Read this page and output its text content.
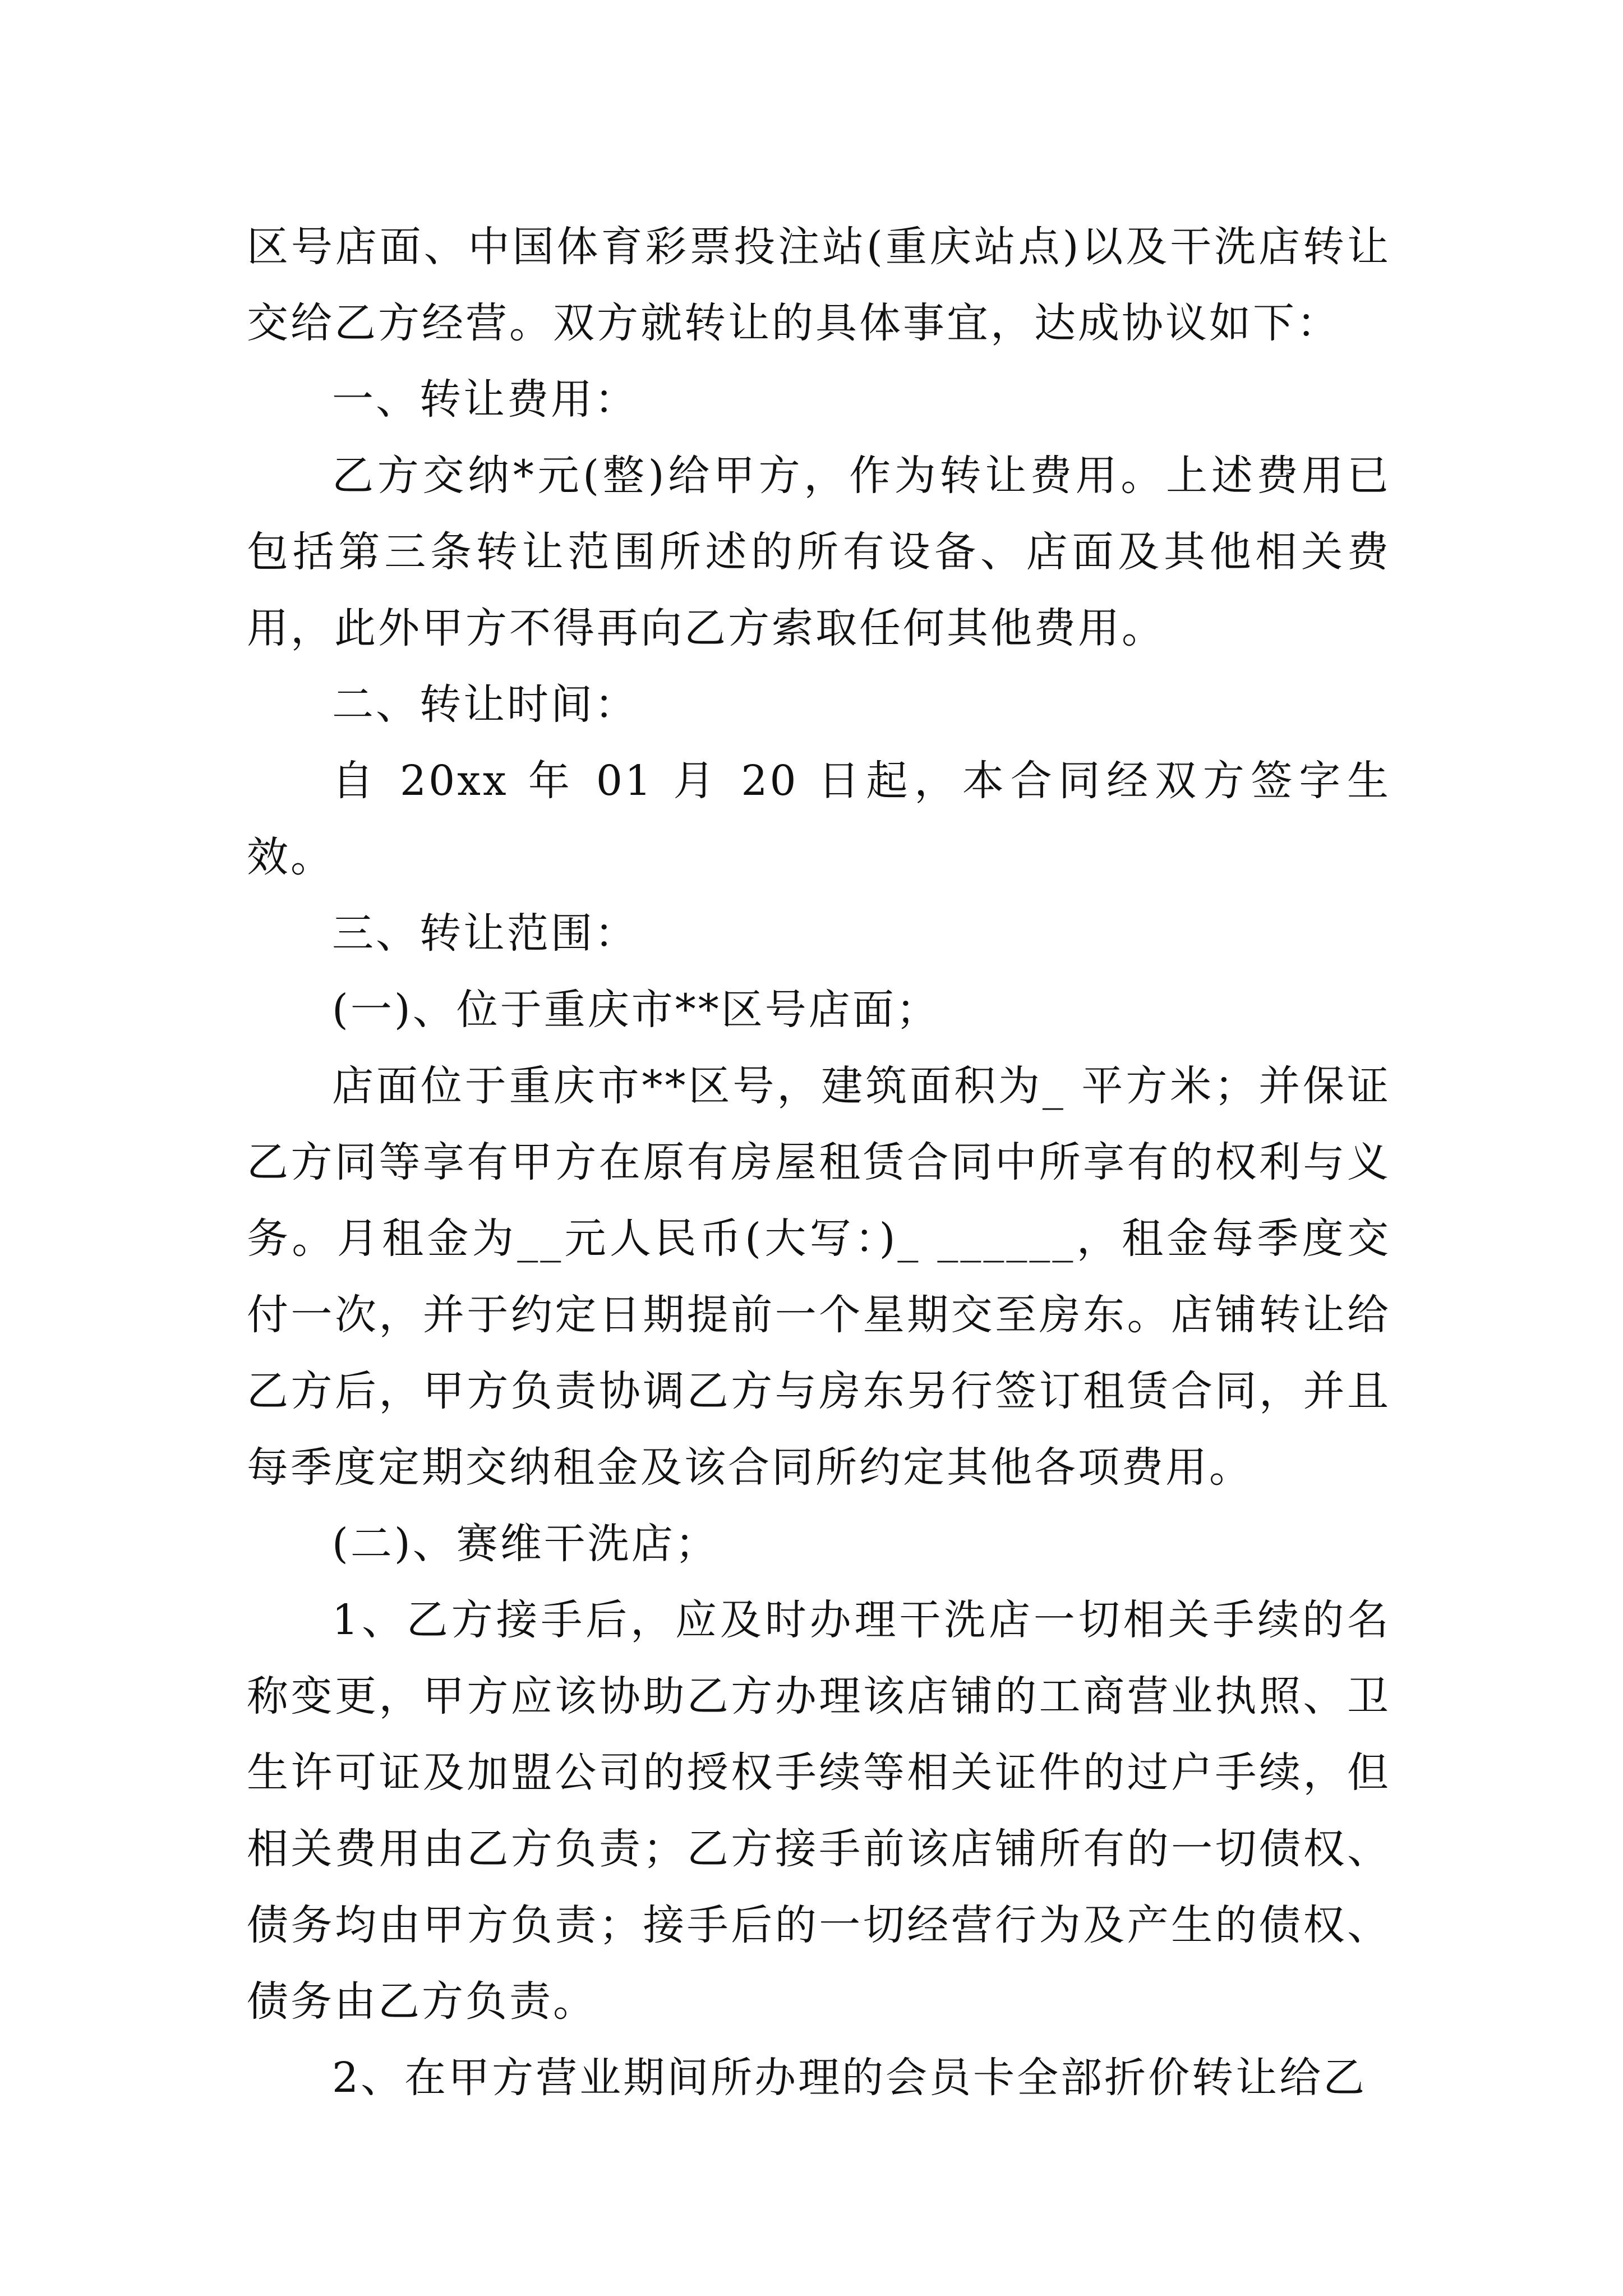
区号店面、中国体育彩票投注站(重庆站点)以及干洗店转让交给乙方经营。双方就转让的具体事宜，达成协议如下：

一、转让费用：

乙方交纳*元(整)给甲方，作为转让费用。上述费用已包括第三条转让范围所述的所有设备、店面及其他相关费用，此外甲方不得再向乙方索取任何其他费用。

二、转让时间：

自 20xx 年 01 月 20 日起，本合同经双方签字生效。

三、转让范围：

(一)、位于重庆市**区号店面；

店面位于重庆市**区号，建筑面积为_ 平方米；并保证乙方同等享有甲方在原有房屋租赁合同中所享有的权利与义务。月租金为__元人民币(大写：)_ ______，租金每季度交付一次，并于约定日期提前一个星期交至房东。店铺转让给乙方后，甲方负责协调乙方与房东另行签订租赁合同，并且每季度定期交纳租金及该合同所约定其他各项费用。

(二)、赛维干洗店；

1、乙方接手后，应及时办理干洗店一切相关手续的名称变更，甲方应该协助乙方办理该店铺的工商营业执照、卫生许可证及加盟公司的授权手续等相关证件的过户手续，但相关费用由乙方负责；乙方接手前该店铺所有的一切债权、债务均由甲方负责；接手后的一切经营行为及产生的债权、债务由乙方负责。

2、在甲方营业期间所办理的会员卡全部折价转让给乙
